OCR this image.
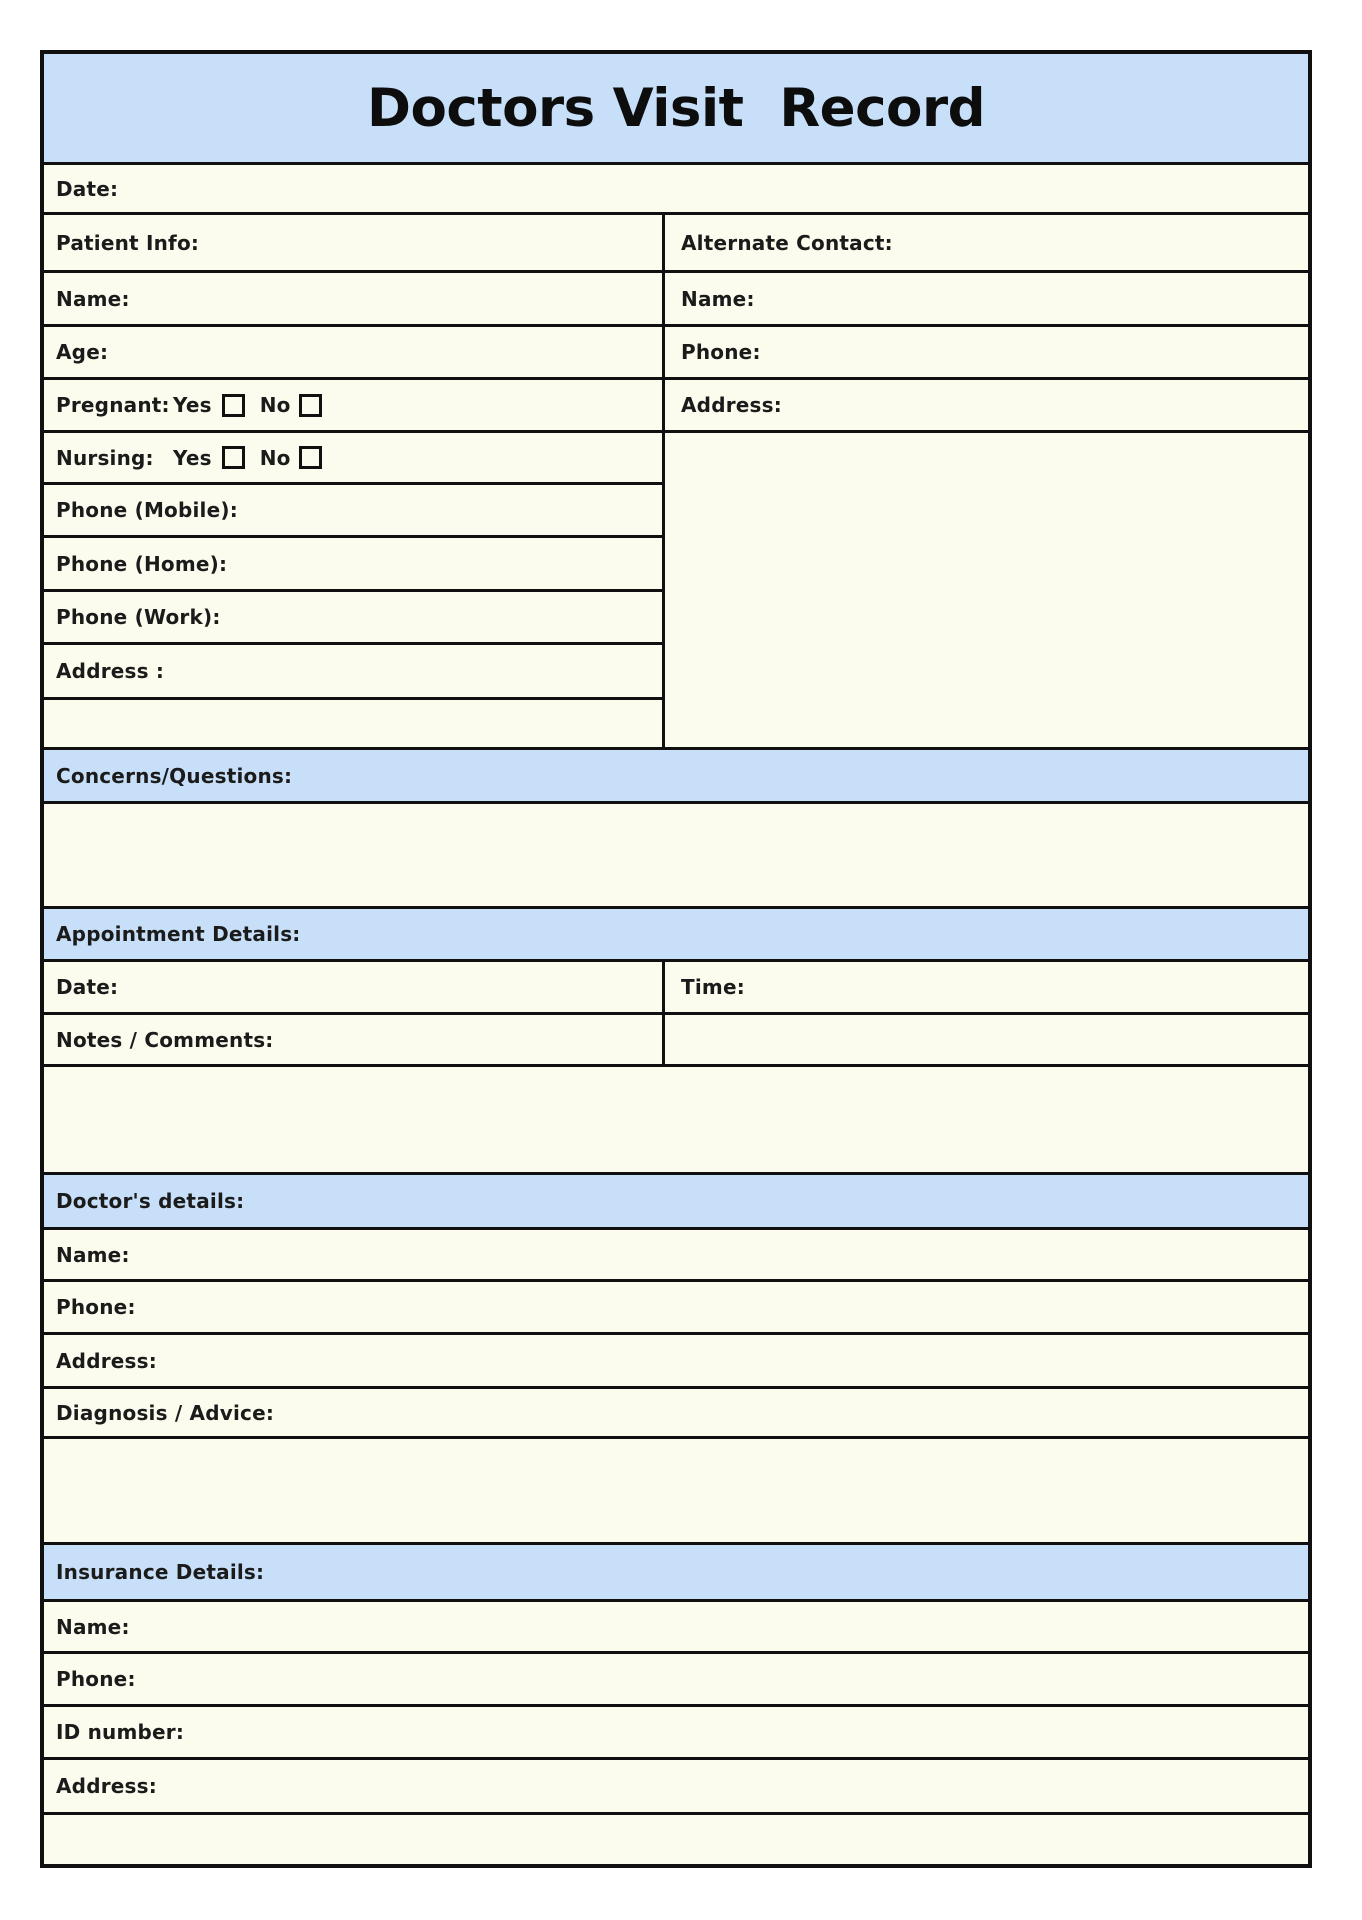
Doctors Visit  Record
Date:
Patient Info:
Name:
Age:
Pregnant: Yes No
Nursing: Yes No
Phone (Mobile):
Phone (Home):
Phone (Work):
Address :
Alternate Contact:
Name:
Phone:
Address:
Concerns/Questions:
Appointment Details:
Date:	Time:
Notes / Comments:
Doctor's details:
Name:
Phone:
Address:
Diagnosis / Advice:
Insurance Details:
Name:
Phone:
ID number:
Address:
